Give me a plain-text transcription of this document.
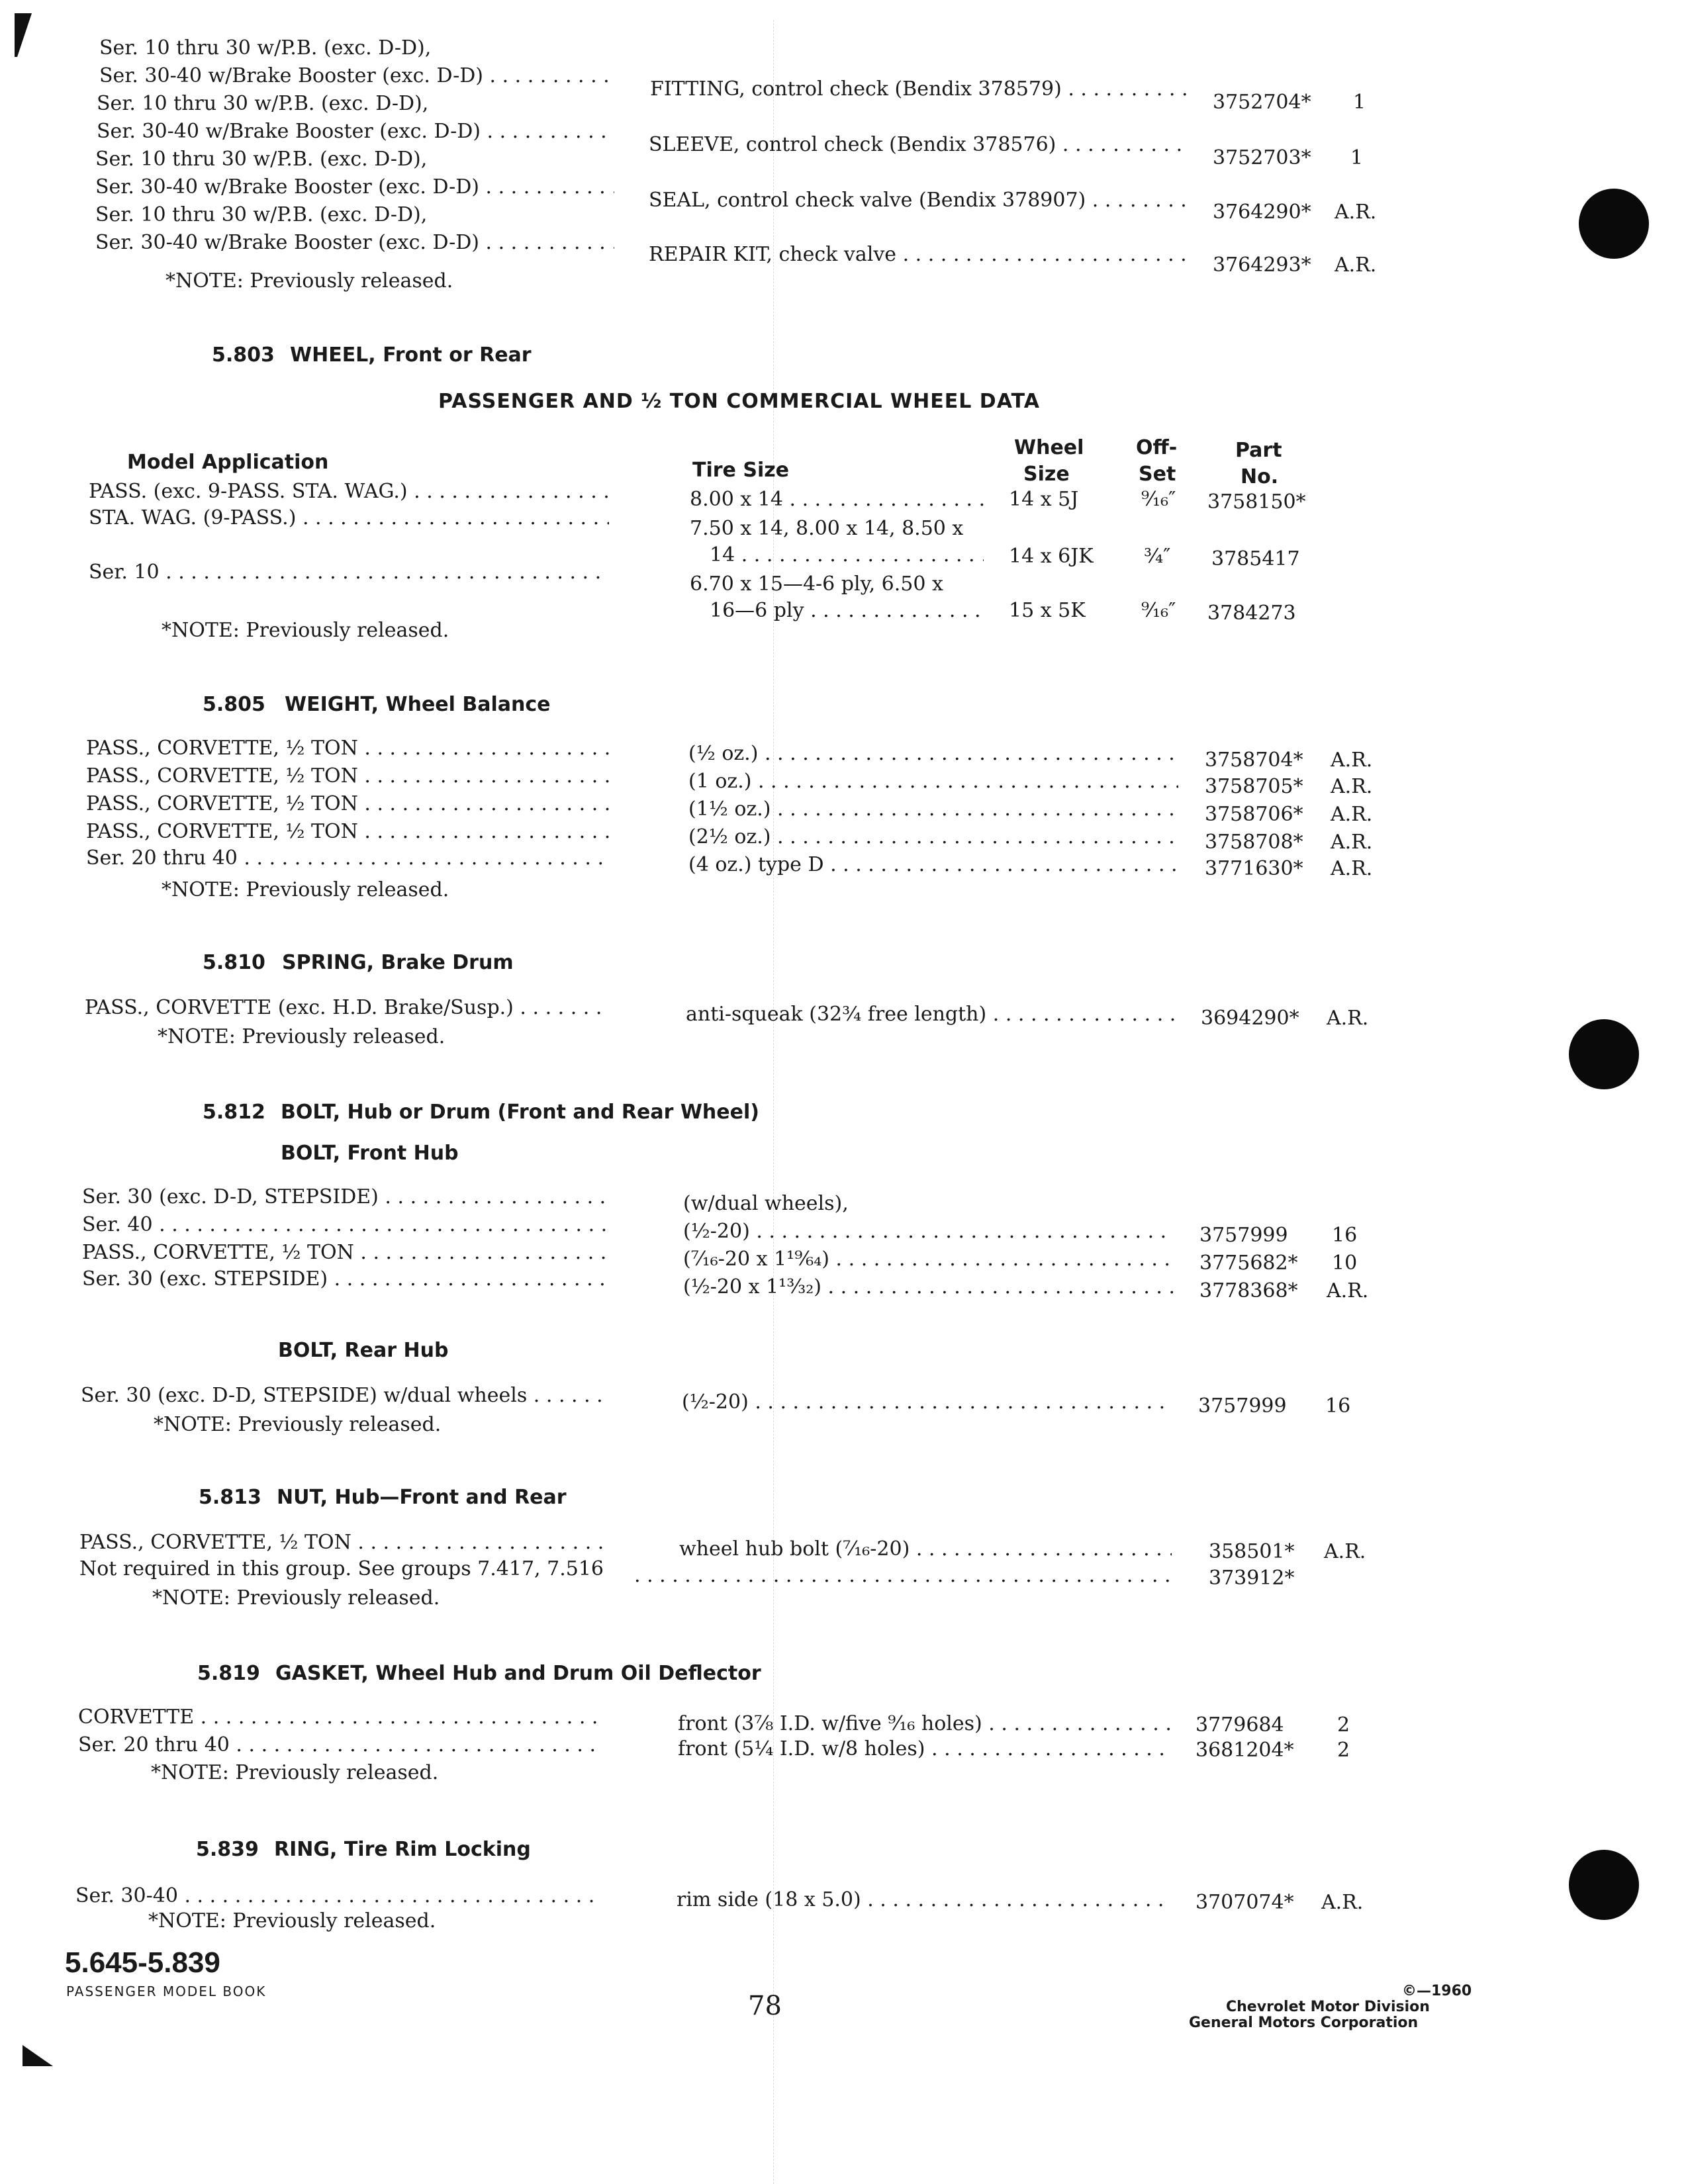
Ser. 10 thru 30 w/P.B. (exc. D-D),
Ser. 30-40 w/Brake Booster (exc. D-D) . . .
FITTING, control check (Bendix 378579) . . .
3752704* 1
Ser. 10 thru 30 w/P.B. (exc. D-D),
Ser. 30-40 w/Brake Booster (exc. D-D) . . .
SLEEVE, control check (Bendix 378576) . . .
3752703* 1
Ser. 10 thru 30 w/P.B. (exc. D-D),
Ser. 30-40 w/Brake Booster (exc. D-D) . . .
SEAL, control check valve (Bendix 378907) . . .
3764290* A.R.
Ser. 10 thru 30 w/P.B. (exc. D-D),
Ser. 30-40 w/Brake Booster (exc. D-D) . . .
REPAIR KIT, check valve . . .	3764293* A.R.
*NOTE: Previously released.
5.803 WHEEL, Front or Rear
PASSENGER AND ½ TON COMMERCIAL WHEEL DATA
Model Application	Tire Size
Wheel
Size
Off-
Set
Part
No.
PASS. (exc. 9-PASS. STA. WAG.) . . .	8.00 x 14 . . .	14 x 5J	⁹⁄₁₆″ 3758150*
STA. WAG. (9-PASS.) . . .	7.50 x 14, 8.00 x 14, 8.50 x
14 . . .	14 x 6JK	¾″ 3785417
Ser. 10 . . .
6.70 x 15—4-6 ply, 6.50 x
16—6 ply . . .	15 x 5K	⁹⁄₁₆″ 3784273
*NOTE: Previously released.
5.805 WEIGHT, Wheel Balance
PASS., CORVETTE, ½ TON . . .	(½ oz.) . . .	3758704* A.R.
PASS., CORVETTE, ½ TON . . .	(1 oz.) . . .	3758705* A.R.
PASS., CORVETTE, ½ TON . . .	(1½ oz.) . . .	3758706* A.R.
PASS., CORVETTE, ½ TON . . .	(2½ oz.) . . .	3758708* A.R.
Ser. 20 thru 40 . . .	(4 oz.) type D . . .	3771630* A.R.
*NOTE: Previously released.
5.810 SPRING, Brake Drum
PASS., CORVETTE (exc. H.D. Brake/Susp.) . . .	anti-squeak (32¾ free length) . . .	3694290* A.R.
*NOTE: Previously released.
5.812 BOLT, Hub or Drum (Front and Rear Wheel)
BOLT, Front Hub
Ser. 30 (exc. D-D, STEPSIDE) . . .	(w/dual wheels),
Ser. 40 . . .	(½-20) . . .	3757999 16
PASS., CORVETTE, ½ TON . . .	(⁷⁄₁₆-20 x 1¹⁹⁄₆₄) . . .	3775682* 10
Ser. 30 (exc. STEPSIDE) . . .	(½-20 x 1¹³⁄₃₂) . . .	3778368* A.R.
BOLT, Rear Hub
Ser. 30 (exc. D-D, STEPSIDE) w/dual wheels . . .	(½-20) . . .	3757999 16
*NOTE: Previously released.
5.813 NUT, Hub—Front and Rear
PASS., CORVETTE, ½ TON . . .	wheel hub bolt (⁷⁄₁₆-20) . . .	358501* A.R.
Not required in this group. See groups 7.417, 7.516
. . .	373912*
*NOTE: Previously released.
5.819 GASKET, Wheel Hub and Drum Oil Deflector
CORVETTE . . .	front (3⅞ I.D. w/five ⁹⁄₁₆ holes) . . .	3779684	2
Ser. 20 thru 40 . . .	front (5¼ I.D. w/8 holes) . . .	3681204* 2
*NOTE: Previously released.
5.839 RING, Tire Rim Locking
Ser. 30-40 . . .	rim side (18 x 5.0) . . .	3707074* A.R.
*NOTE: Previously released.
5.645-5.839
PASSENGER MODEL BOOK	78	©—1960
Chevrolet Motor Division
General Motors Corporation
